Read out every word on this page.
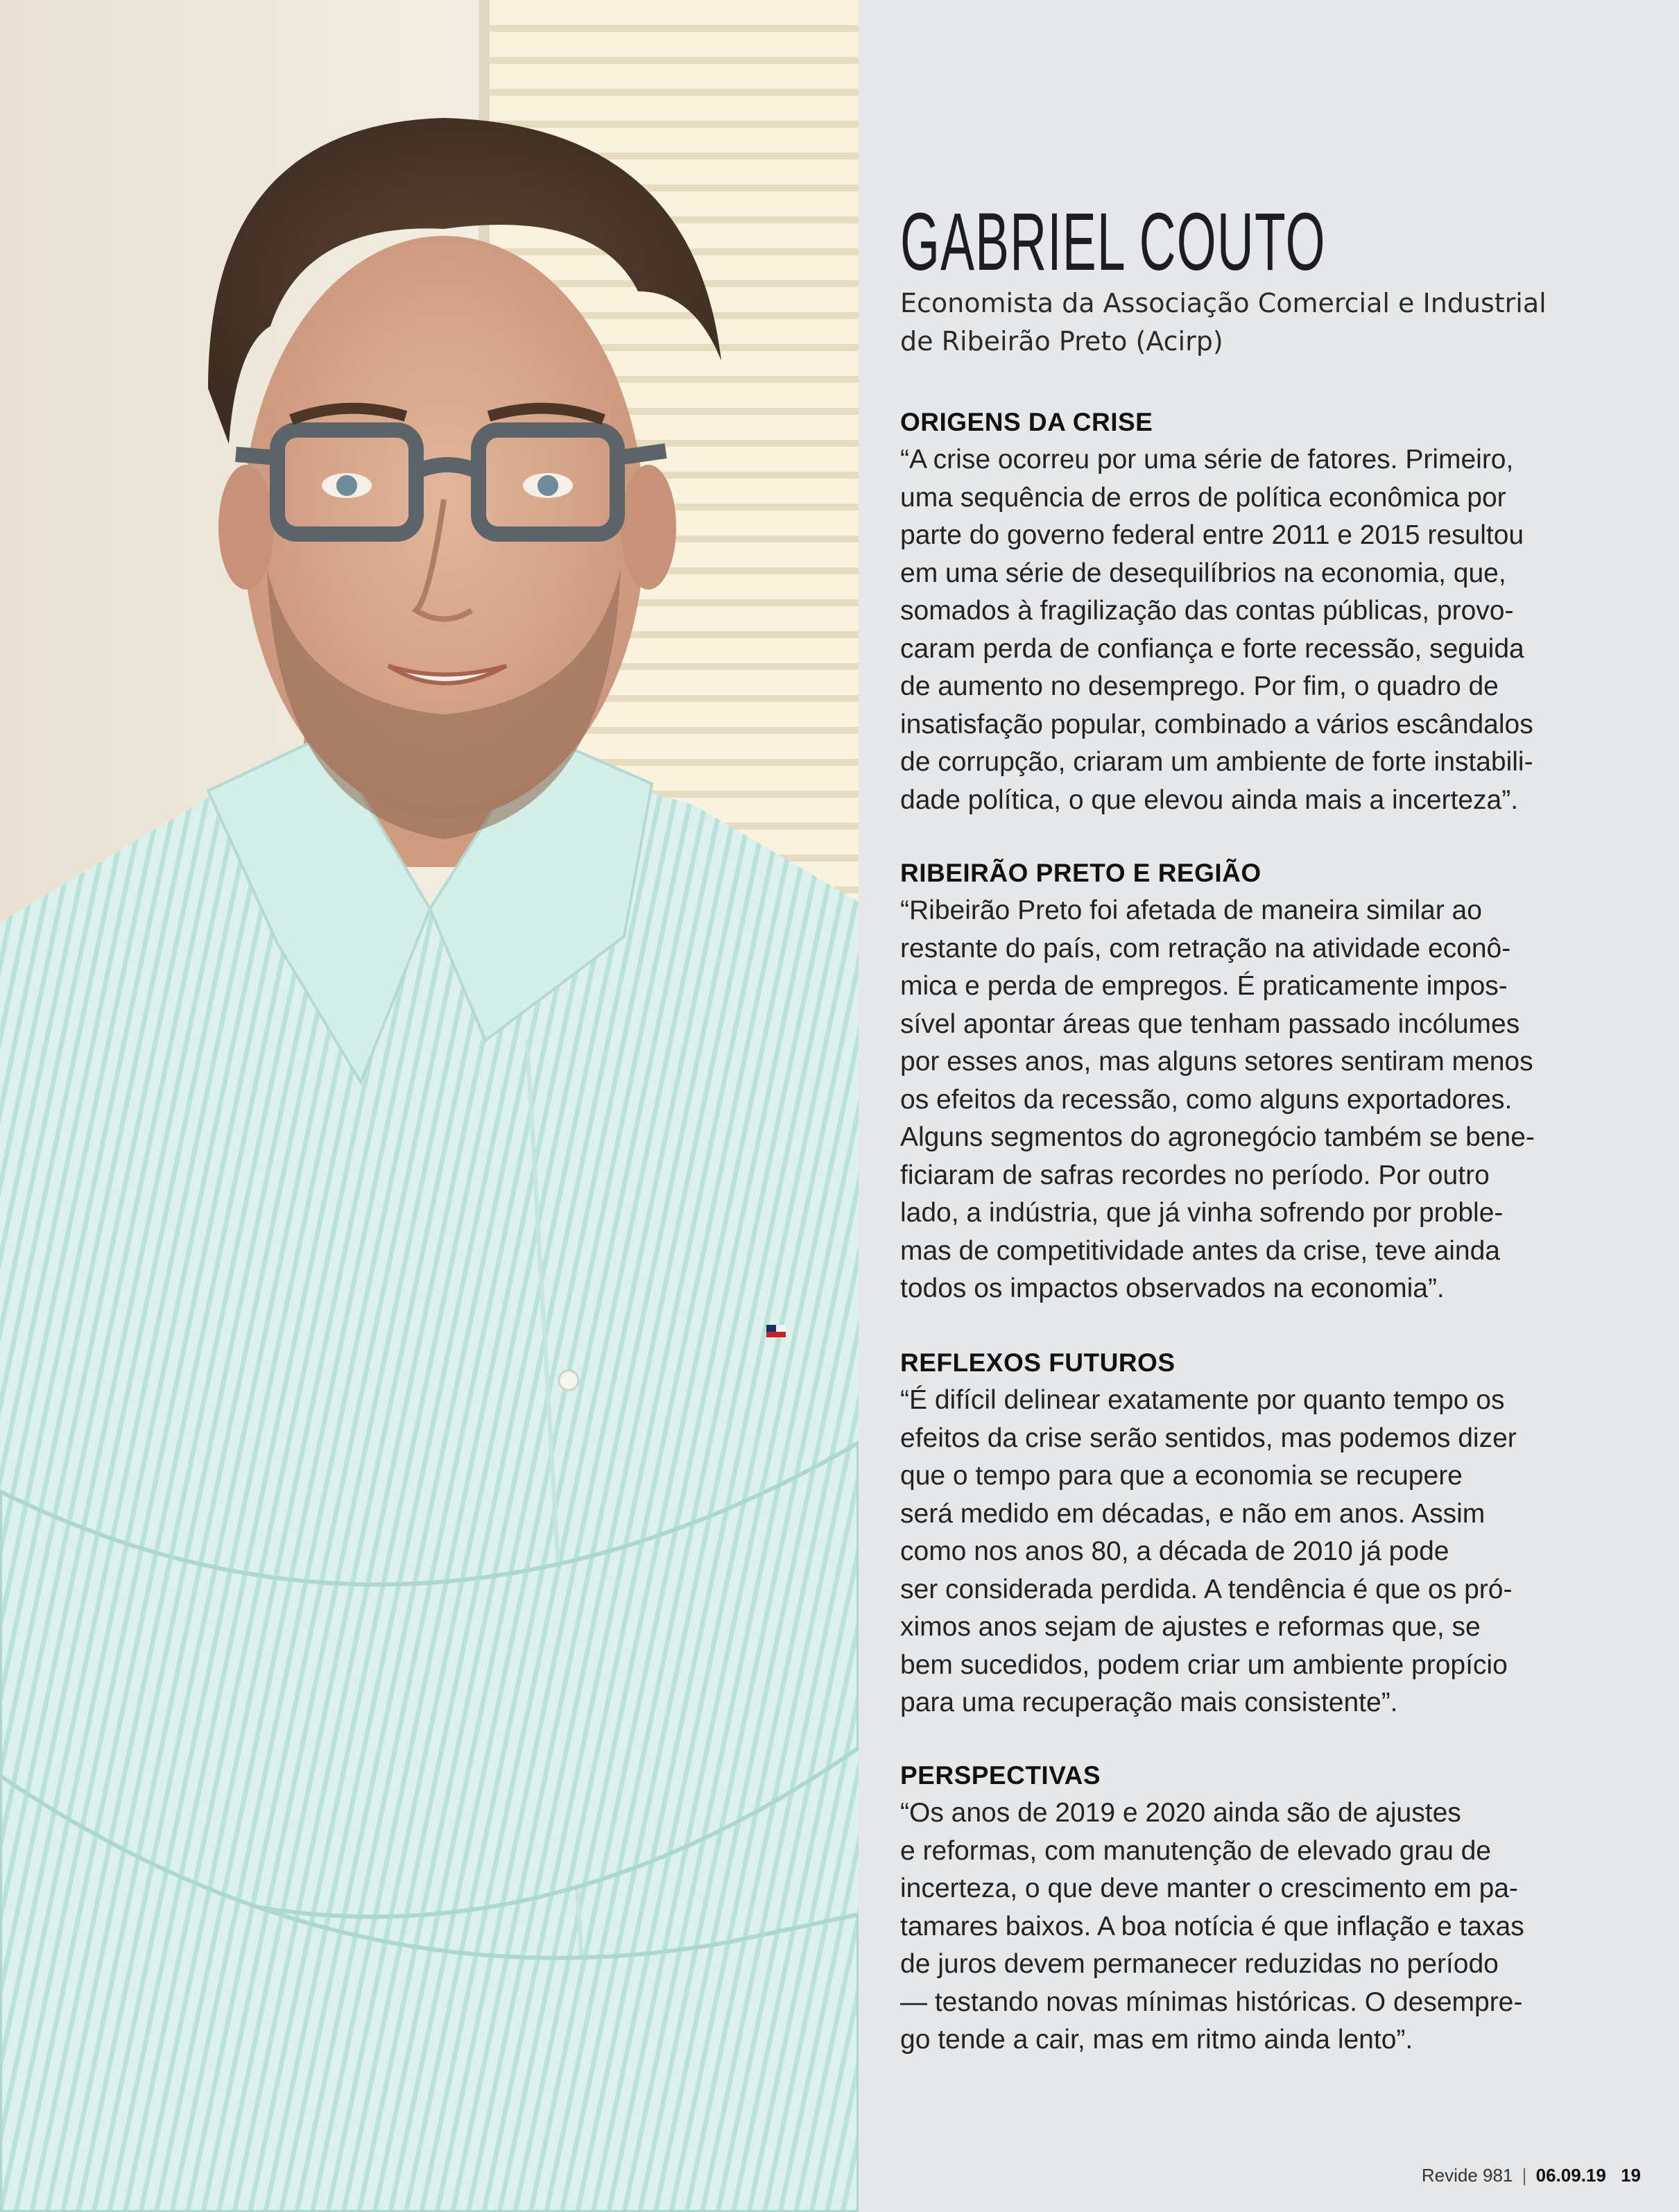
GABRIEL COUTO
Economista da Associação Comercial e Industrial
de Ribeirão Preto (Acirp)
ORIGENS DA CRISE
“A crise ocorreu por uma série de fatores. Primeiro,
uma sequência de erros de política econômica por
parte do governo federal entre 2011 e 2015 resultou
em uma série de desequilíbrios na economia, que,
somados à fragilização das contas públicas, provo-
caram perda de confiança e forte recessão, seguida
de aumento no desemprego. Por fim, o quadro de
insatisfação popular, combinado a vários escândalos
de corrupção, criaram um ambiente de forte instabili-
dade política, o que elevou ainda mais a incerteza”.
RIBEIRÃO PRETO E REGIÃO
“Ribeirão Preto foi afetada de maneira similar ao
restante do país, com retração na atividade econô-
mica e perda de empregos. É praticamente impos-
sível apontar áreas que tenham passado incólumes
por esses anos, mas alguns setores sentiram menos
os efeitos da recessão, como alguns exportadores.
Alguns segmentos do agronegócio também se bene-
ficiaram de safras recordes no período. Por outro
lado, a indústria, que já vinha sofrendo por proble-
mas de competitividade antes da crise, teve ainda
todos os impactos observados na economia”.
REFLEXOS FUTUROS
“É difícil delinear exatamente por quanto tempo os
efeitos da crise serão sentidos, mas podemos dizer
que o tempo para que a economia se recupere
será medido em décadas, e não em anos. Assim
como nos anos 80, a década de 2010 já pode
ser considerada perdida. A tendência é que os pró-
ximos anos sejam de ajustes e reformas que, se
bem sucedidos, podem criar um ambiente propício
para uma recuperação mais consistente”.
PERSPECTIVAS
“Os anos de 2019 e 2020 ainda são de ajustes
e reformas, com manutenção de elevado grau de
incerteza, o que deve manter o crescimento em pa-
tamares baixos. A boa notícia é que inflação e taxas
de juros devem permanecer reduzidas no período
— testando novas mínimas históricas. O desempre-
go tende a cair, mas em ritmo ainda lento”.
Revide 981 | 06.09.19 19
